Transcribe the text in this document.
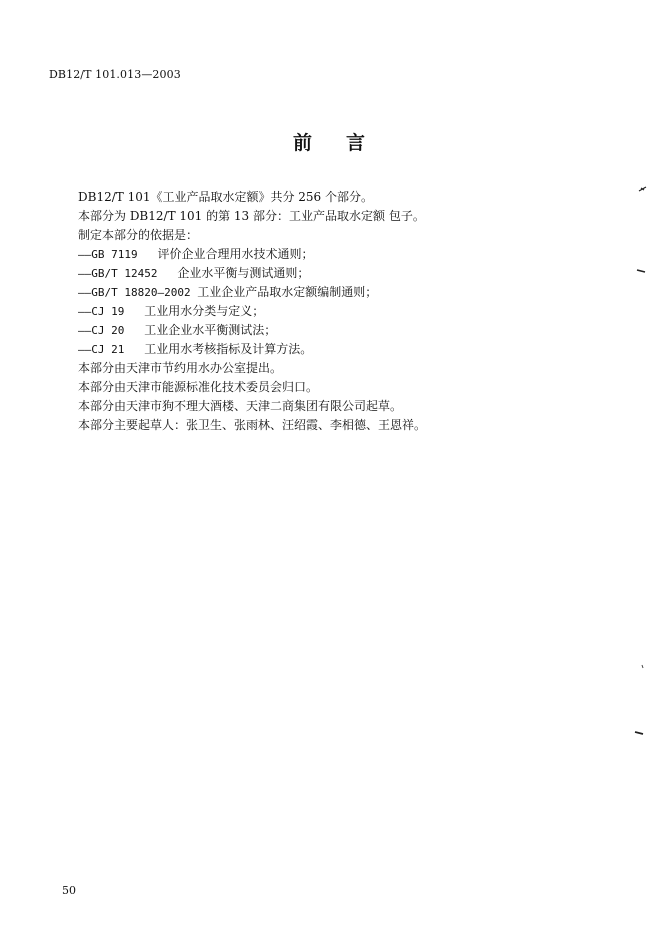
DB12/T 101.013—2003
前言
DB12/T 101《工业产品取水定额》共分 256 个部分。
本部分为 DB12/T 101 的第 13 部分：工业产品取水定额 包子。
制定本部分的依据是：
——GB 7119 评价企业合理用水技术通则；
——GB/T 12452 企业水平衡与测试通则；
——GB/T 18820—2002 工业企业产品取水定额编制通则；
——CJ 19 工业用水分类与定义；
——CJ 20 工业企业水平衡测试法；
——CJ 21 工业用水考核指标及计算方法。
本部分由天津市节约用水办公室提出。
本部分由天津市能源标准化技术委员会归口。
本部分由天津市狗不理大酒楼、天津二商集团有限公司起草。
本部分主要起草人：张卫生、张雨林、汪绍霞、李相德、王恩祥。
50
